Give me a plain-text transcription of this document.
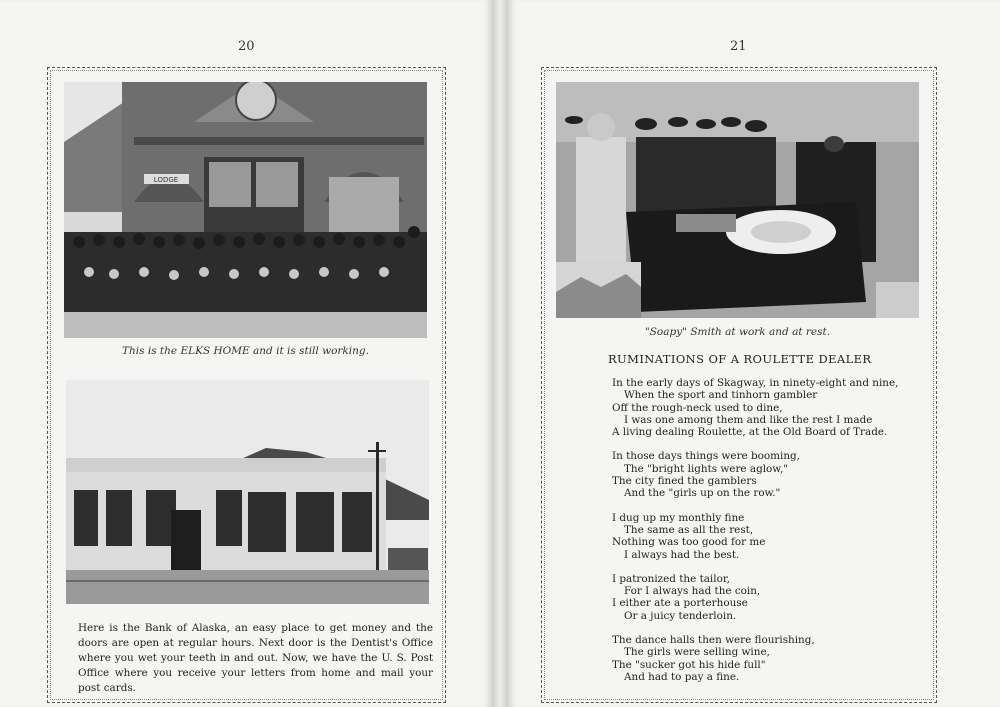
20
LODGE
This is the ELKS HOME and it is still working.
Here is the Bank of Alaska, an easy place to get money and the doors are open at regular hours. Next door is the Dentist's Office where you wet your teeth in and out. Now, we have the U. S. Post Office where you receive your letters from home and mail your post cards.
21
"Soapy" Smith at work and at rest.
RUMINATIONS OF A ROULETTE DEALER
In the early days of Skagway, in ninety-eight and nine,
When the sport and tinhorn gambler
Off the rough-neck used to dine,
I was one among them and like the rest I made
A living dealing Roulette, at the Old Board of Trade.
In those days things were booming,
The "bright lights were aglow,"
The city fined the gamblers
And the "girls up on the row."
I dug up my monthly fine
The same as all the rest,
Nothing was too good for me
I always had the best.
I patronized the tailor,
For I always had the coin,
I either ate a porterhouse
Or a juicy tenderloin.
The dance halls then were flourishing,
The girls were selling wine,
The "sucker got his hide full"
And had to pay a fine.
